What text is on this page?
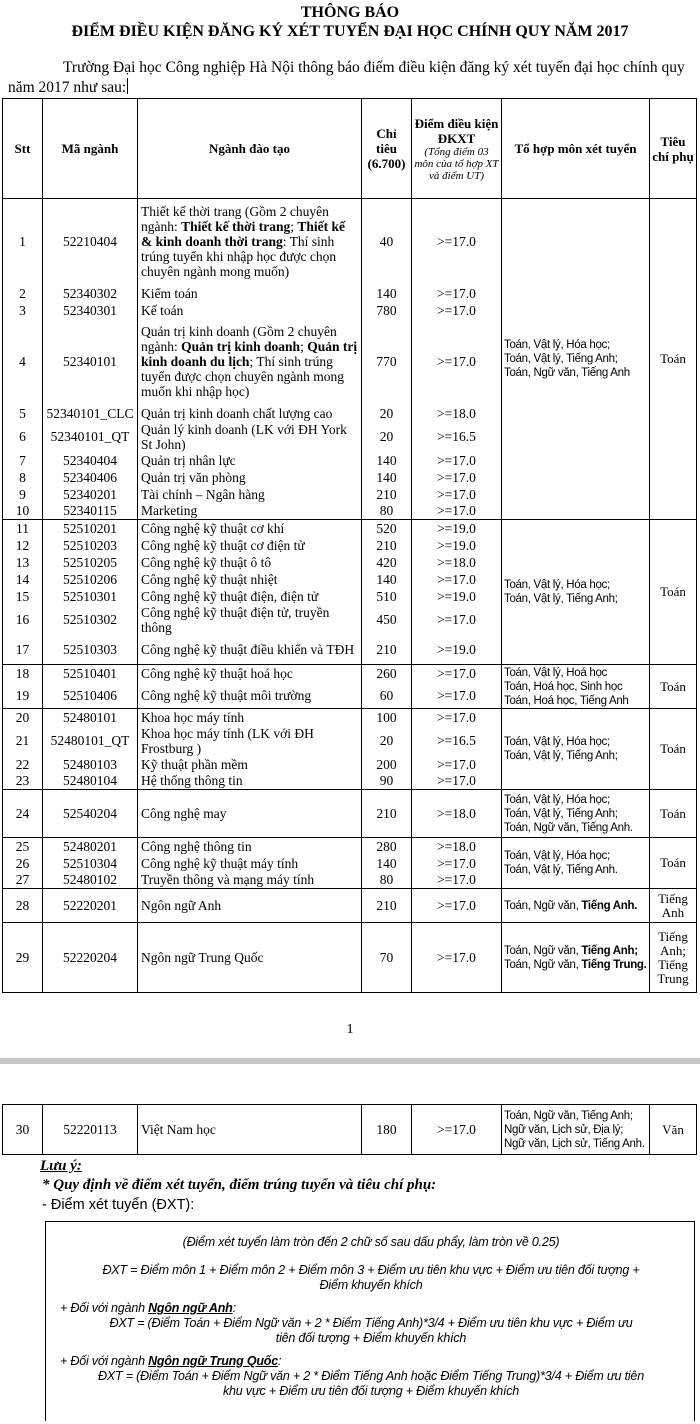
THÔNG BÁO
ĐIỂM ĐIỀU KIỆN ĐĂNG KÝ XÉT TUYỂN ĐẠI HỌC CHÍNH QUY NĂM 2017
Trường Đại học Công nghiệp Hà Nội thông báo điểm điều kiện đăng ký xét tuyển đại học chính quy năm 2017 như sau:
Stt	Mã ngành	Ngành đào tạo	Chỉ
tiêu
(6.700)	Điểm điều kiện ĐKXT
(Tổng điểm 03 môn của tổ hợp XT và điểm UT)	Tổ hợp môn xét tuyển	Tiêu chí phụ
1	52210404	Thiết kế thời trang (Gồm 2 chuyên ngành: Thiết kế thời trang; Thiết kế & kinh doanh thời trang: Thí sinh trúng tuyển khi nhập học được chọn chuyên ngành mong muốn)	40	>=17.0	Toán, Vật lý, Hóa học;
Toán, Vật lý, Tiếng Anh;
Toán, Ngữ văn, Tiếng Anh	Toán
2	52340302	Kiểm toán	140	>=17.0		
3	52340301	Kế toán	780	>=17.0		
4	52340101	Quản trị kinh doanh (Gồm 2 chuyên ngành: Quản trị kinh doanh; Quản trị kinh doanh du lịch; Thí sinh trúng tuyển được chọn chuyên ngành mong muốn khi nhập học)	770	>=17.0		
5	52340101_CLC	Quản trị kinh doanh chất lượng cao	20	>=18.0		
6	52340101_QT	Quản lý kinh doanh (LK với ĐH York St John)	20	>=16.5		
7	52340404	Quản trị nhân lực	140	>=17.0		
8	52340406	Quản trị văn phòng	140	>=17.0		
9	52340201	Tài chính – Ngân hàng	210	>=17.0		
10	52340115	Marketing	80	>=17.0		
11	52510201	Công nghệ kỹ thuật cơ khí	520	>=19.0	Toán, Vật lý, Hóa học;
Toán, Vật lý, Tiếng Anh;	Toán
12	52510203	Công nghệ kỹ thuật cơ điện tử	210	>=19.0		
13	52510205	Công nghệ kỹ thuật ô tô	420	>=18.0		
14	52510206	Công nghệ kỹ thuật nhiệt	140	>=17.0		
15	52510301	Công nghệ kỹ thuật điện, điện tử	510	>=19.0		
16	52510302	Công nghệ kỹ thuật điện tử, truyền thông	450	>=17.0		
17	52510303	Công nghệ kỹ thuật điều khiển và TĐH	210	>=19.0		
18	52510401	Công nghệ kỹ thuật hoá học	260	>=17.0	Toán, Vật lý, Hoá học
Toán, Hoá học, Sinh học
Toán, Hoá học, Tiếng Anh	Toán
19	52510406	Công nghệ kỹ thuật môi trường	60	>=17.0		
20	52480101	Khoa học máy tính	100	>=17.0	Toán, Vật lý, Hóa học;
Toán, Vật lý, Tiếng Anh;	Toán
21	52480101_QT	Khoa học máy tính (LK với ĐH Frostburg )	20	>=16.5		
22	52480103	Kỹ thuật phần mềm	200	>=17.0		
23	52480104	Hệ thống thông tin	90	>=17.0		
24	52540204	Công nghệ may	210	>=18.0	Toán, Vật lý, Hóa học;
Toán, Vật lý, Tiếng Anh;
Toán, Ngữ văn, Tiếng Anh.	Toán
25	52480201	Công nghệ thông tin	280	>=18.0	Toán, Vật lý, Hóa học;
Toán, Vật lý, Tiếng Anh.	Toán
26	52510304	Công nghệ kỹ thuật máy tính	140	>=17.0		
27	52480102	Truyền thông và mạng máy tính	80	>=17.0		
28	52220201	Ngôn ngữ Anh	210	>=17.0	Toán, Ngữ văn, Tiếng Anh.	Tiếng Anh
29	52220204	Ngôn ngữ Trung Quốc	70	>=17.0	Toán, Ngữ văn, Tiếng Anh;
Toán, Ngữ văn, Tiếng Trung.	Tiếng Anh; Tiếng Trung
1
30	52220113	Việt Nam học	180	>=17.0	Toán, Ngữ văn, Tiếng Anh;
Ngữ văn, Lịch sử, Địa lý;
Ngữ văn, Lịch sử, Tiếng Anh.	Văn
Lưu ý:
* Quy định về điểm xét tuyển, điểm trúng tuyển và tiêu chí phụ:
- Điểm xét tuyển (ĐXT):
(Điểm xét tuyển làm tròn đến 2 chữ số sau dấu phẩy, làm tròn về 0.25)
ĐXT = Điểm môn 1 + Điểm môn 2 + Điểm môn 3 + Điểm ưu tiên khu vực + Điểm ưu tiên đối tượng +
Điểm khuyến khích
+ Đối với ngành Ngôn ngữ Anh:
ĐXT = (Điểm Toán + Điểm Ngữ văn + 2 * Điểm Tiếng Anh)*3/4 + Điểm ưu tiên khu vực + Điểm ưu
tiên đối tượng + Điểm khuyến khích
+ Đối với ngành Ngôn ngữ Trung Quốc:
ĐXT = (Điểm Toán + Điểm Ngữ văn + 2 * Điểm Tiếng Anh hoặc Điểm Tiếng Trung)*3/4 + Điểm ưu tiên
khu vực + Điểm ưu tiên đối tượng + Điểm khuyến khích
